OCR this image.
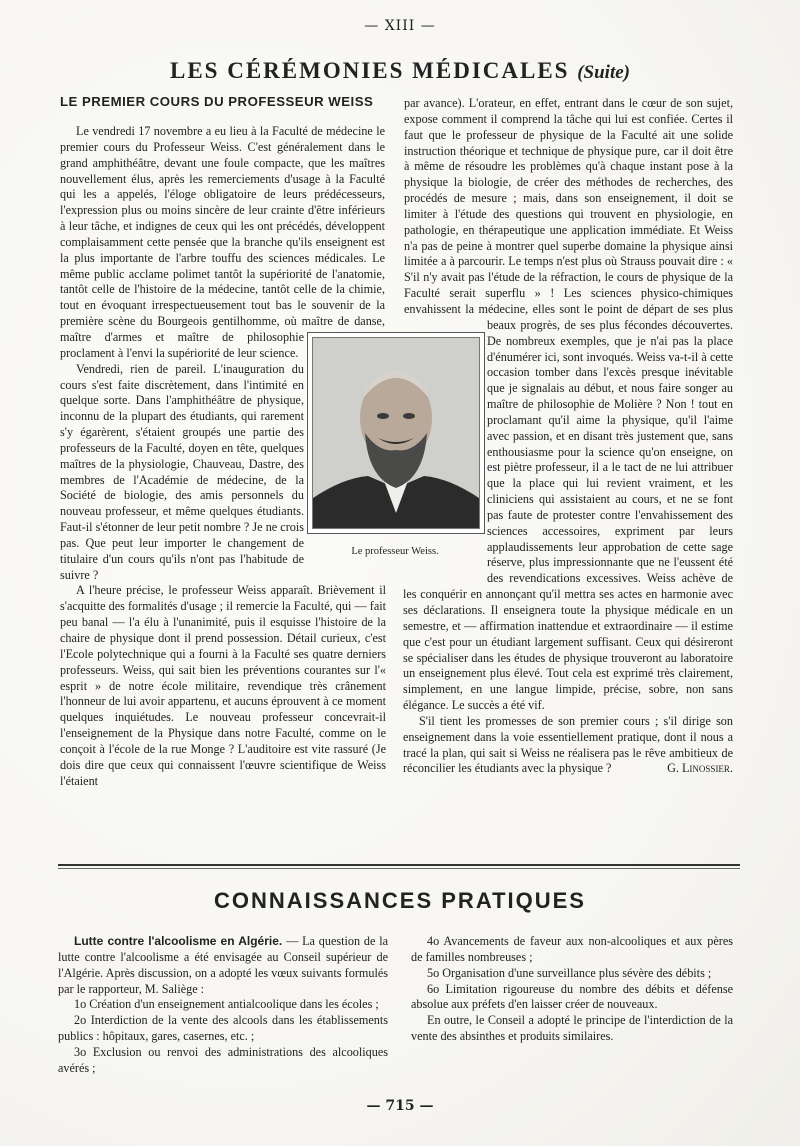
— XIII —
LES CÉRÉMONIES MÉDICALES (Suite)
LE PREMIER COURS DU PROFESSEUR WEISS

Le vendredi 17 novembre a eu lieu à la Faculté de médecine le premier cours du Professeur Weiss. C'est généralement dans le grand amphithéâtre, devant une foule compacte, que les maîtres nouvellement élus, après les remerciements d'usage à la Faculté qui les a appelés, l'éloge obligatoire de leurs prédécesseurs, l'expression plus ou moins sincère de leur crainte d'être inférieurs à leur tâche, et indignes de ceux qui les ont précédés, développent complaisamment cette pensée que la branche qu'ils enseignent est la plus importante de l'arbre touffu des sciences médicales. Le même public acclame polimet tantôt la supériorité de l'anatomie, tantôt celle de l'histoire de la médecine, tantôt celle de la chimie, tout en évoquant irrespectueusement tout bas le souvenir de la première scène du Bourgeois gentilhomme, où maître de danse, maître d'armes et maître de philosophie proclament à l'envi la supériorité de leur science.

Vendredi, rien de pareil. L'inauguration du cours s'est faite discrètement, dans l'intimité en quelque sorte. Dans l'amphithéâtre de physique, inconnu de la plupart des étudiants, qui rarement s'y égarèrent, s'étaient groupés une partie des professeurs de la Faculté, doyen en tête, quelques maîtres de la physiologie, Chauveau, Dastre, des membres de l'Académie de médecine, de la Société de biologie, des amis personnels du nouveau professeur, et même quelques étudiants. Faut-il s'étonner de leur petit nombre ? Je ne crois pas. Que peut leur importer le changement de titulaire d'un cours qu'ils n'ont pas l'habitude de suivre ?

A l'heure précise, le professeur Weiss apparaît. Brièvement il s'acquitte des formalités d'usage ; il remercie la Faculté, qui — fait peu banal — l'a élu à l'unanimité, puis il esquisse l'histoire de la chaire de physique dont il prend possession. Détail curieux, c'est l'Ecole polytechnique qui a fourni à la Faculté ses quatre derniers professeurs. Weiss, qui sait bien les préventions courantes sur l'« esprit » de notre école militaire, revendique très crânement l'honneur de lui avoir appartenu, et aucuns éprouvent à ce moment quelques inquiétudes. Le nouveau professeur concevrait-il l'enseignement de la Physique dans notre Faculté, comme on le conçoit à l'école de la rue Monge ? L'auditoire est vite rassuré (Je dois dire que ceux qui connaissent l'œuvre scientifique de Weiss l'étaient

Le professeur Weiss.

par avance). L'orateur, en effet, entrant dans le cœur de son sujet, expose comment il comprend la tâche qui lui est confiée. Certes il faut que le professeur de physique de la Faculté ait une solide instruction théorique et technique de physique pure, car il doit être à même de résoudre les problèmes qu'à chaque instant pose à la physique la biologie, de créer des méthodes de recherches, des procédés de mesure ; mais, dans son enseignement, il doit se limiter à l'étude des questions qui trouvent en physiologie, en pathologie, en thérapeutique une application immédiate. Et Weiss n'a pas de peine à montrer quel superbe domaine la physique ainsi limitée a à parcourir. Le temps n'est plus où Strauss pouvait dire : « S'il n'y avait pas l'étude de la réfraction, le cours de physique de la Faculté serait superflu » ! Les sciences physico-chimiques envahissent la médecine, elles sont le point de départ de ses plus beaux progrès, de ses plus fécondes découvertes. De nombreux exemples, que je n'ai pas la place d'énumérer ici, sont invoqués. Weiss va-t-il à cette occasion tomber dans l'excès presque inévitable que je signalais au début, et nous faire songer au maître de philosophie de Molière ? Non ! tout en proclamant qu'il aime la physique, qu'il l'aime avec passion, et en disant très justement que, sans enthousiasme pour la science qu'on enseigne, on est piètre professeur, il a le tact de ne lui attribuer que la place qui lui revient vraiment, et les cliniciens qui assistaient au cours, et ne se font pas faute de protester contre l'envahissement des sciences accessoires, expriment par leurs applaudissements leur approbation de cette sage réserve, plus impressionnante que ne l'eussent été des revendications excessives. Weiss achève de les conquérir en annonçant qu'il mettra ses actes en harmonie avec ses déclarations. Il enseignera toute la physique médicale en un semestre, et — affirmation inattendue et extraordinaire — il estime que c'est pour un étudiant largement suffisant. Ceux qui désireront se spécialiser dans les études de physique trouveront au laboratoire un enseignement plus élevé. Tout cela est exprimé très clairement, simplement, en une langue limpide, précise, sobre, non sans élégance. Le succès a été vif.

S'il tient les promesses de son premier cours ; s'il dirige son enseignement dans la voie essentiellement pratique, dont il nous a tracé la plan, qui sait si Weiss ne réalisera pas le rêve ambitieux de réconcilier les étudiants avec la physique ?	G. Linossier.

CONNAISSANCES PRATIQUES

Lutte contre l'alcoolisme en Algérie. — La question de la lutte contre l'alcoolisme a été envisagée au Conseil supérieur de l'Algérie. Après discussion, on a adopté les vœux suivants formulés par le rapporteur, M. Saliège :

1o Création d'un enseignement antialcoolique dans les écoles ;

2o Interdiction de la vente des alcools dans les établissements publics : hôpitaux, gares, casernes, etc. ;

3o Exclusion ou renvoi des administrations des alcooliques avérés ;

4o Avancements de faveur aux non-alcooliques et aux pères de familles nombreuses ;

5o Organisation d'une surveillance plus sévère des débits ;

6o Limitation rigoureuse du nombre des débits et défense absolue aux préfets d'en laisser créer de nouveaux.

En outre, le Conseil a adopté le principe de l'interdiction de la vente des absinthes et produits similaires.

— 715 —
